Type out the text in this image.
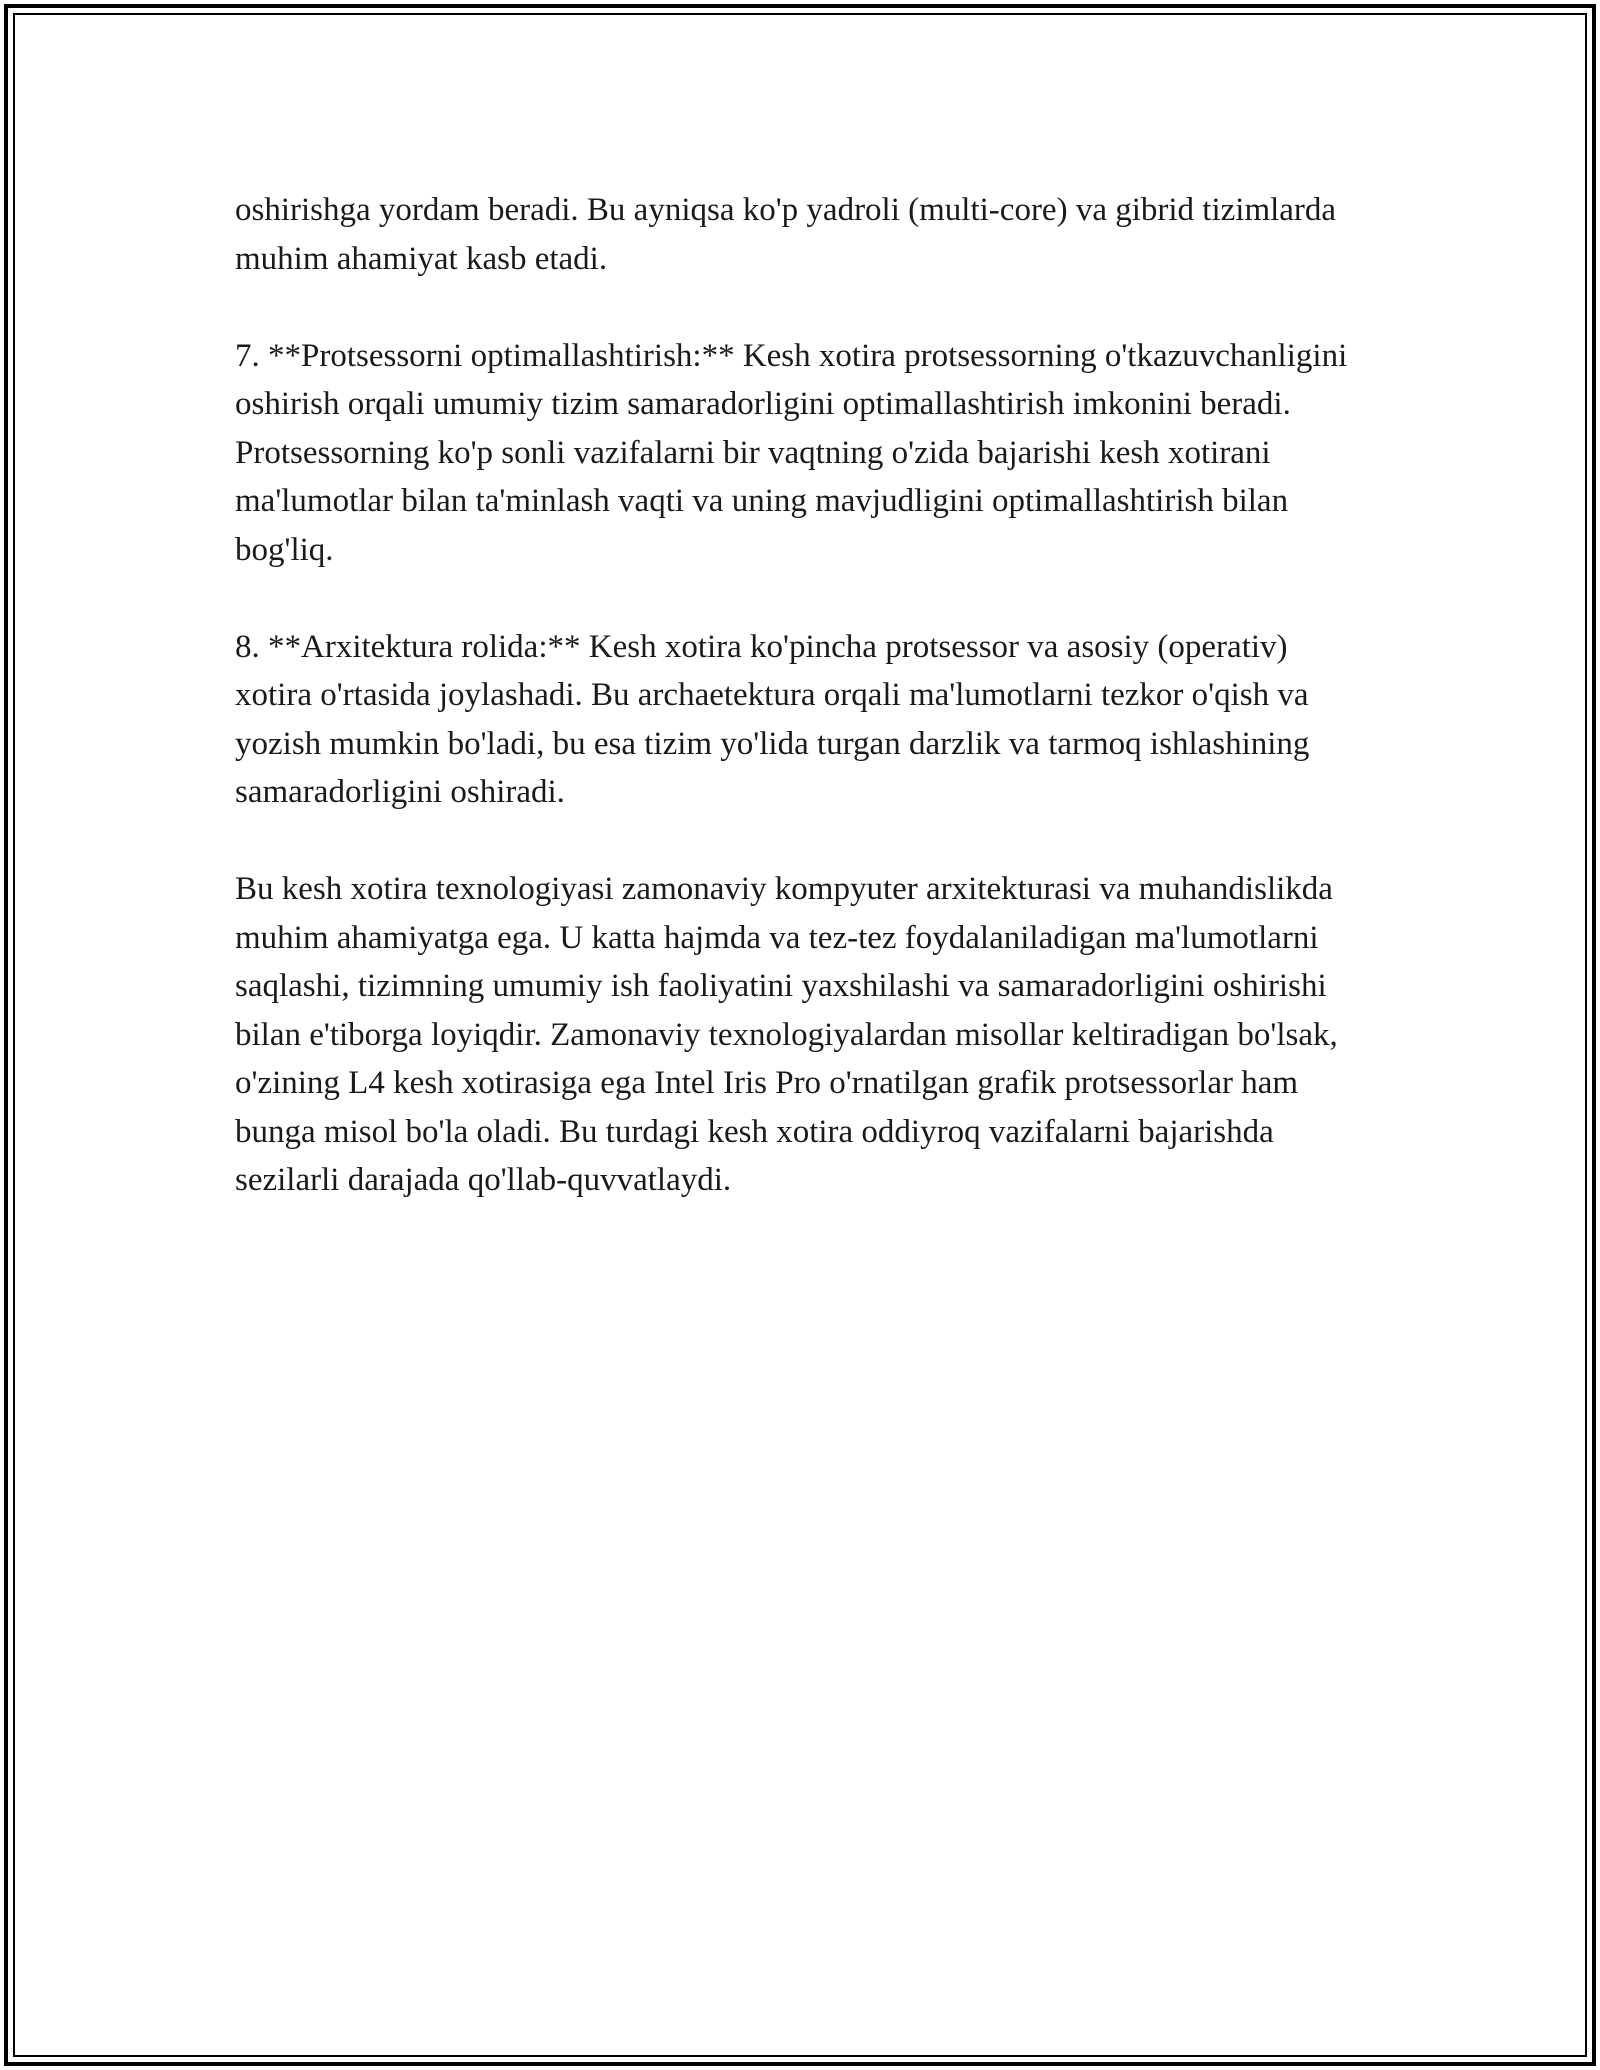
oshirishga yordam beradi. Bu ayniqsa ko'p yadroli (multi-core) va gibrid tizimlarda muhim ahamiyat kasb etadi.

7. **Protsessorni optimallashtirish:** Kesh xotira protsessorning o'tkazuvchanligini oshirish orqali umumiy tizim samaradorligini optimallashtirish imkonini beradi. Protsessorning ko'p sonli vazifalarni bir vaqtning o'zida bajarishi kesh xotirani ma'lumotlar bilan ta'minlash vaqti va uning mavjudligini optimallashtirish bilan bog'liq.

8. **Arxitektura rolida:** Kesh xotira ko'pincha protsessor va asosiy (operativ) xotira o'rtasida joylashadi. Bu archaetektura orqali ma'lumotlarni tezkor o'qish va yozish mumkin bo'ladi, bu esa tizim yo'lida turgan darzlik va tarmoq ishlashining samaradorligini oshiradi.

Bu kesh xotira texnologiyasi zamonaviy kompyuter arxitekturasi va muhandislikda muhim ahamiyatga ega. U katta hajmda va tez-tez foydalaniladigan ma'lumotlarni saqlashi, tizimning umumiy ish faoliyatini yaxshilashi va samaradorligini oshirishi bilan e'tiborga loyiqdir. Zamonaviy texnologiyalardan misollar keltiradigan bo'lsak, o'zining L4 kesh xotirasiga ega Intel Iris Pro o'rnatilgan grafik protsessorlar ham bunga misol bo'la oladi. Bu turdagi kesh xotira oddiyroq vazifalarni bajarishda sezilarli darajada qo'llab-quvvatlaydi.
